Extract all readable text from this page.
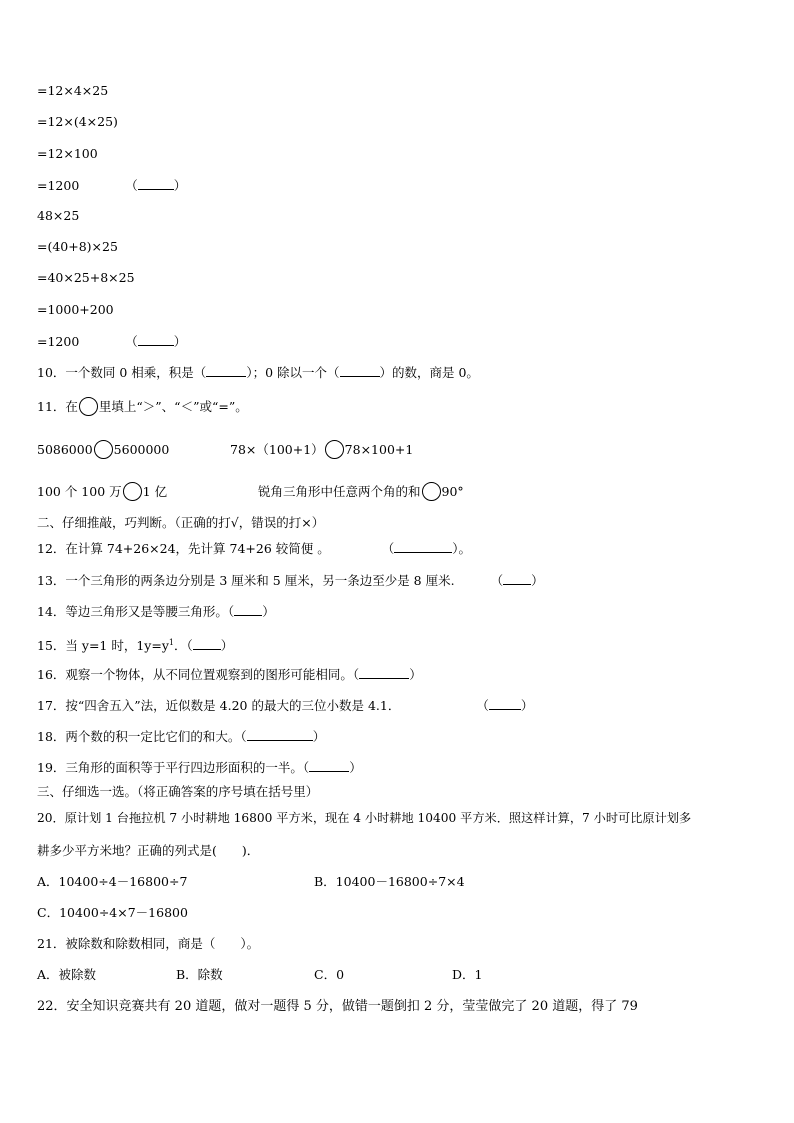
=12×4×25
=12×(4×25)
=12×100
=1200	（	）
48×25
=(40+8)×25
=40×25+8×25
=1000+200
=1200	（	）
10．一个数同 0 相乘，积是（	）；0 除以一个（	）的数，商是 0。
11．在 里填上“＞”、“＜”或“=”。
5086000 5600000	78×（100+1） 78×100+1
100 个 100 万 1 亿	锐角三角形中任意两个角的和 90°
二、仔细推敲，巧判断。（正确的打√，错误的打×）
12．在计算 74+26×24，先计算 74+26 较简便 。	（	）。
13．一个三角形的两条边分别是 3 厘米和 5 厘米，另一条边至少是 8 厘米.	（ ）
14．等边三角形又是等腰三角形。（ ）
15．当 y=1 时，$1y=y^1$．（ ）
16．观察一个物体，从不同位置观察到的图形可能相同。（	）
17．按“四舍五入”法，近似数是 4.20 的最大的三位小数是 4.1．	（	）
18．两个数的积一定比它们的和大。（	）
19．三角形的面积等于平行四边形面积的一半。（	）
三、仔细选一选。（将正确答案的序号填在括号里）
20．原计划 1 台拖拉机 7 小时耕地 16800 平方米，现在 4 小时耕地 10400 平方米．照这样计算，7 小时可比原计划多
耕多少平方米地？正确的列式是(　　)．
A．10400÷4－16800÷7	B．10400－16800÷7×4
C．10400÷4×7－16800
21．被除数和除数相同，商是（　　）。
A．被除数	B．除数	C．0	D．1
22．安全知识竞赛共有 20 道题，做对一题得 5 分，做错一题倒扣 2 分，莹莹做完了 20 道题，得了 79
